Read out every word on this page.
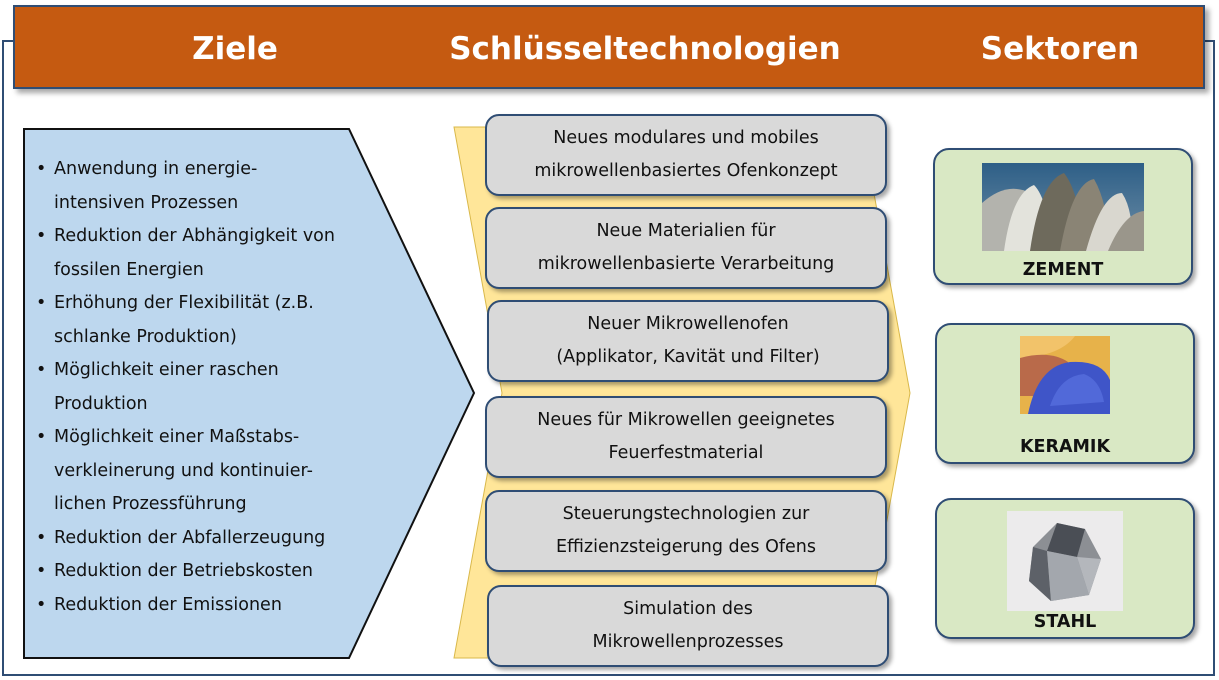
Ziele	Schlüsseltechnologien	Sektoren
• Anwendung in energie-
intensiven Prozessen
• Reduktion der Abhängigkeit von
fossilen Energien
• Erhöhung der Flexibilität (z.B.
schlanke Produktion)
• Möglichkeit einer raschen
Produktion
• Möglichkeit einer Maßstabs-
verkleinerung und kontinuier-
lichen Prozessführung
• Reduktion der Abfallerzeugung
• Reduktion der Betriebskosten
• Reduktion der Emissionen
Neues modulares und mobiles
mikrowellenbasiertes Ofenkonzept
Neue Materialien für
mikrowellenbasierte Verarbeitung
Neuer Mikrowellenofen
(Applikator, Kavität und Filter)
Neues für Mikrowellen geeignetes
Feuerfestmaterial
Steuerungstechnologien zur
Effizienzsteigerung des Ofens
Simulation des
Mikrowellenprozesses
ZEMENT
KERAMIK
STAHL
